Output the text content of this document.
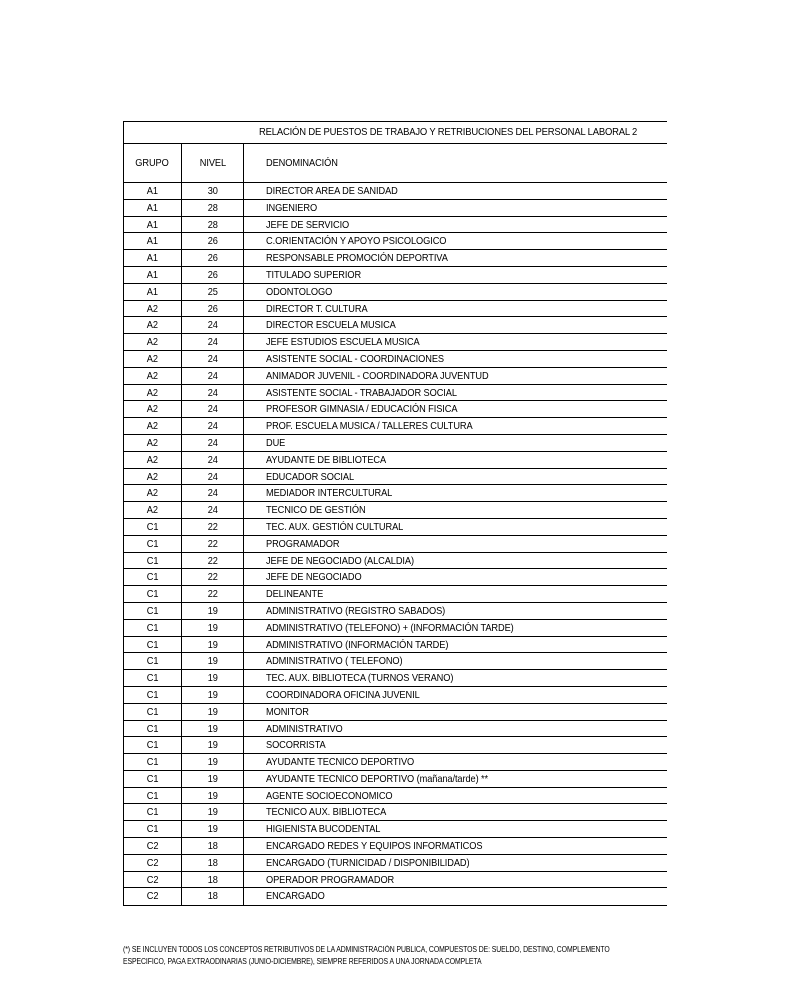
RELACIÓN DE PUESTOS DE TRABAJO Y RETRIBUCIONES DEL PERSONAL LABORAL 2
GRUPO	NIVEL	DENOMINACIÓN
A1	30	DIRECTOR AREA DE SANIDAD
A1	28	INGENIERO
A1	28	JEFE DE SERVICIO
A1	26	C.ORIENTACIÓN Y APOYO PSICOLOGICO
A1	26	RESPONSABLE PROMOCIÓN DEPORTIVA
A1	26	TITULADO SUPERIOR
A1	25	ODONTOLOGO
A2	26	DIRECTOR T. CULTURA
A2	24	DIRECTOR ESCUELA MUSICA
A2	24	JEFE ESTUDIOS ESCUELA MUSICA
A2	24	ASISTENTE SOCIAL - COORDINACIONES
A2	24	ANIMADOR JUVENIL - COORDINADORA JUVENTUD
A2	24	ASISTENTE SOCIAL - TRABAJADOR SOCIAL
A2	24	PROFESOR GIMNASIA / EDUCACIÓN FISICA
A2	24	PROF. ESCUELA MUSICA / TALLERES CULTURA
A2	24	DUE
A2	24	AYUDANTE DE BIBLIOTECA
A2	24	EDUCADOR SOCIAL
A2	24	MEDIADOR INTERCULTURAL
A2	24	TECNICO DE GESTIÓN
C1	22	TEC. AUX. GESTIÓN CULTURAL
C1	22	PROGRAMADOR
C1	22	JEFE DE NEGOCIADO (ALCALDIA)
C1	22	JEFE DE NEGOCIADO
C1	22	DELINEANTE
C1	19	ADMINISTRATIVO (REGISTRO SABADOS)
C1	19	ADMINISTRATIVO (TELEFONO) + (INFORMACIÓN TARDE)
C1	19	ADMINISTRATIVO (INFORMACIÓN TARDE)
C1	19	ADMINISTRATIVO ( TELEFONO)
C1	19	TEC. AUX. BIBLIOTECA (TURNOS VERANO)
C1	19	COORDINADORA OFICINA JUVENIL
C1	19	MONITOR
C1	19	ADMINISTRATIVO
C1	19	SOCORRISTA
C1	19	AYUDANTE TECNICO DEPORTIVO
C1	19	AYUDANTE TECNICO DEPORTIVO (mañana/tarde) **
C1	19	AGENTE SOCIOECONOMICO
C1	19	TECNICO AUX. BIBLIOTECA
C1	19	HIGIENISTA BUCODENTAL
C2	18	ENCARGADO REDES Y EQUIPOS INFORMATICOS
C2	18	ENCARGADO (TURNICIDAD / DISPONIBILIDAD)
C2	18	OPERADOR PROGRAMADOR
C2	18	ENCARGADO
(*) SE INCLUYEN TODOS LOS CONCEPTOS RETRIBUTIVOS DE LA ADMINISTRACIÓN PUBLICA, COMPUESTOS DE: SUELDO, DESTINO, COMPLEMENTO
ESPECIFICO, PAGA EXTRAODINARIAS (JUNIO-DICIEMBRE), SIEMPRE REFERIDOS A UNA JORNADA COMPLETA
